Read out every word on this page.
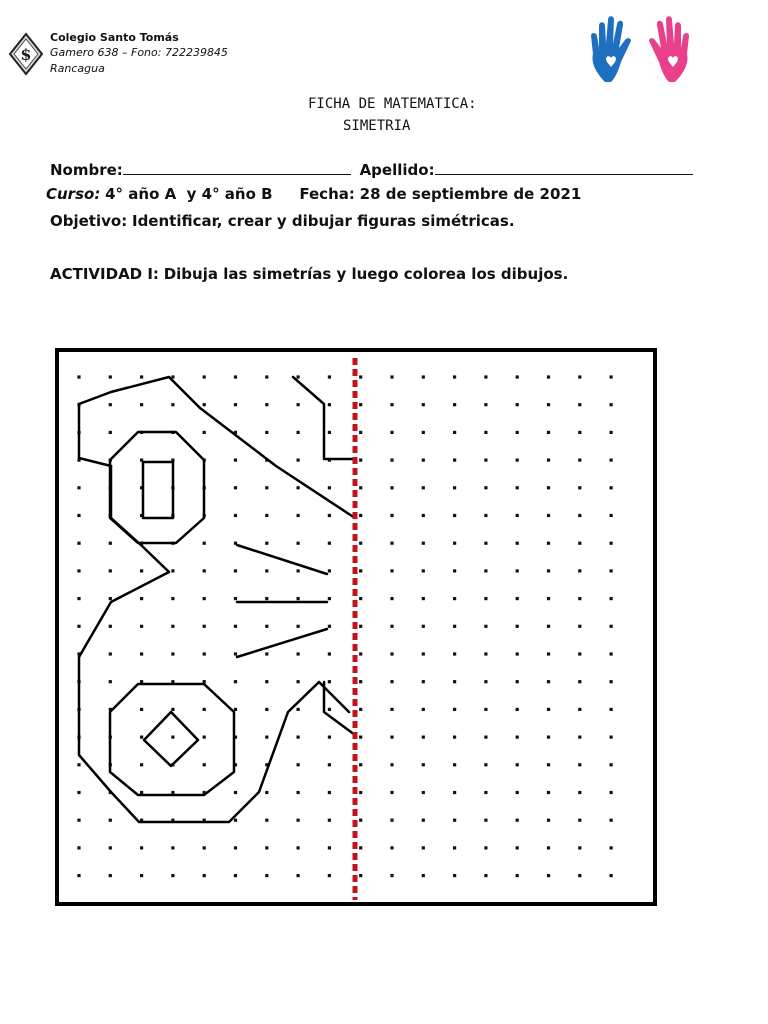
$
Colegio Santo Tomás
Gamero 638 – Fono: 722239845
Rancagua
FICHA DE MATEMATICA:
SIMETRIA
Nombre:	Apellido:
Curso: 4° año A  y 4° año B Fecha: 28 de septiembre de 2021
Objetivo: Identificar, crear y dibujar figuras simétricas.
ACTIVIDAD I: Dibuja las simetrías y luego colorea los dibujos.
